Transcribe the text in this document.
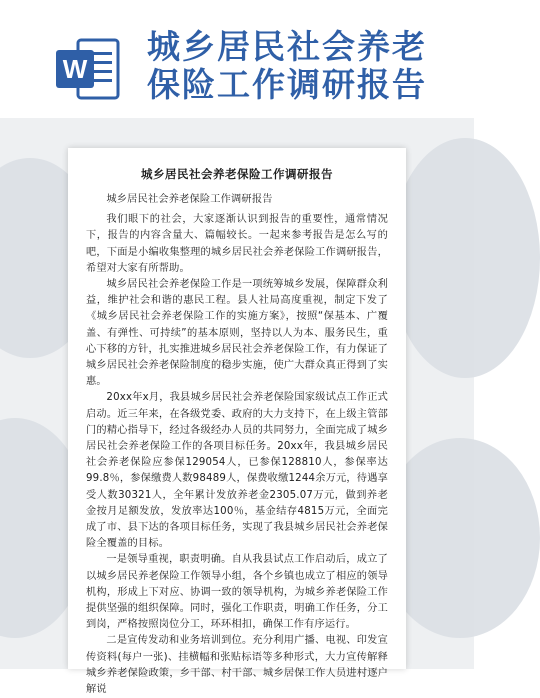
W
城乡居民社会养老
保险工作调研报告
城乡居民社会养老保险工作调研报告

城乡居民社会养老保险工作调研报告

我们眼下的社会，大家逐渐认识到报告的重要性，通常情况下，报告的内容含量大、篇幅较长。一起来参考报告是怎么写的吧，下面是小编收集整理的城乡居民社会养老保险工作调研报告，希望对大家有所帮助。

城乡居民社会养老保险工作是一项统筹城乡发展，保障群众利益，维护社会和谐的惠民工程。县人社局高度重视，制定下发了《城乡居民社会养老保险工作的实施方案》，按照“保基本、广覆盖、有弹性、可持续”的基本原则，坚持以人为本、服务民生，重心下移的方针，扎实推进城乡居民社会养老保险工作，有力保证了城乡居民社会养老保险制度的稳步实施，使广大群众真正得到了实惠。

20xx年x月，我县城乡居民社会养老保险国家级试点工作正式启动。近三年来，在各级党委、政府的大力支持下，在上级主管部门的精心指导下，经过各级经办人员的共同努力，全面完成了城乡居民社会养老保险工作的各项目标任务。20xx年，我县城乡居民社会养老保险应参保129054人，已参保128810人，参保率达99.8％，参保缴费人数98489人，保费收缴1244余万元，待遇享受人数30321人，全年累计发放养老金2305.07万元，做到养老金按月足额发放，发放率达100％，基金结存4815万元，全面完成了市、县下达的各项目标任务，实现了我县城乡居民社会养老保险全覆盖的目标。

一是领导重视，职责明确。自从我县试点工作启动后，成立了以城乡居民养老保险工作领导小组，各个乡镇也成立了相应的领导机构，形成上下对应、协调一致的领导机构，为城乡养老保险工作提供坚强的组织保障。同时，强化工作职责，明确工作任务，分工到岗，严格按照岗位分工，环环相扣，确保工作有序运行。

二是宣传发动和业务培训到位。充分利用广播、电视、印发宣传资料(每户一张)、挂横幅和张贴标语等多种形式，大力宣传解释城乡养老保险政策，乡干部、村干部、城乡居保工作人员进村逐户解说
